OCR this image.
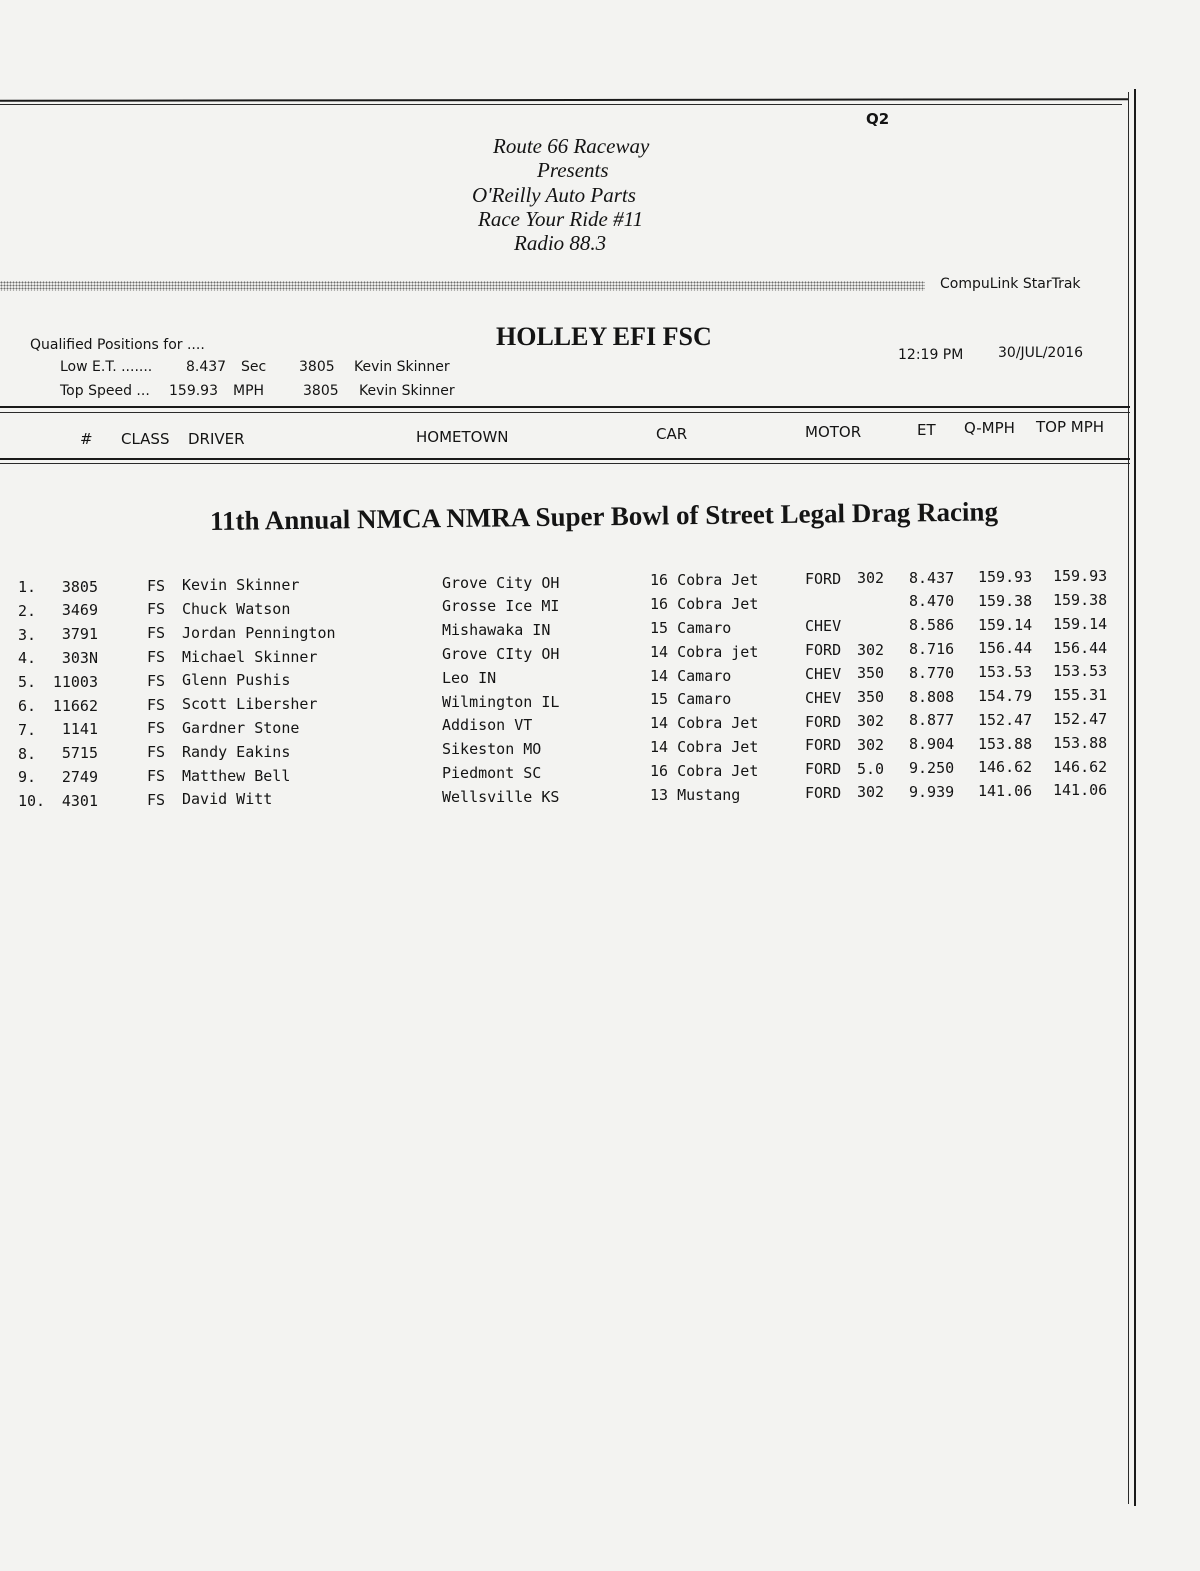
Q2
Route 66 Raceway
Presents
O'Reilly Auto Parts
Race Your Ride #11
Radio 88.3
CompuLink StarTrak
Qualified Positions for ....
Low E.T. ....... 8.437 Sec 3805 Kevin Skinner
Top Speed ... 159.93 MPH	3805 Kevin Skinner
HOLLEY EFI FSC
12:19 PM 30/JUL/2016
# CLASS DRIVER	HOMETOWN	CAR	MOTOR	ET Q-MPH TOP MPH
11th Annual NMCA NMRA Super Bowl of Street Legal Drag Racing
1.	3805	FS Kevin Skinner	Grove City OH	16 Cobra Jet	FORD 302 8.437 159.93 159.93
2.	3469	FS Chuck Watson	Grosse Ice MI	16 Cobra Jet	8.470 159.38 159.38
3.	3791	FS Jordan Pennington	Mishawaka IN	15 Camaro	CHEV	8.586 159.14 159.14
4.	303N	FS Michael Skinner	Grove CIty OH	14 Cobra jet	FORD 302 8.716 156.44 156.44
5. 11003	FS Glenn Pushis	Leo IN	14 Camaro	CHEV 350 8.770 153.53 153.53
6. 11662	FS Scott Libersher	Wilmington IL	15 Camaro	CHEV 350 8.808 154.79 155.31
7.	1141	FS Gardner Stone	Addison VT	14 Cobra Jet	FORD 302 8.877 152.47 152.47
8.	5715	FS Randy Eakins	Sikeston MO	14 Cobra Jet	FORD 302 8.904 153.88 153.88
9.	2749	FS Matthew Bell	Piedmont SC	16 Cobra Jet	FORD 5.0 9.250 146.62 146.62
10.	4301	FS David Witt	Wellsville KS	13 Mustang	FORD 302 9.939 141.06 141.06
